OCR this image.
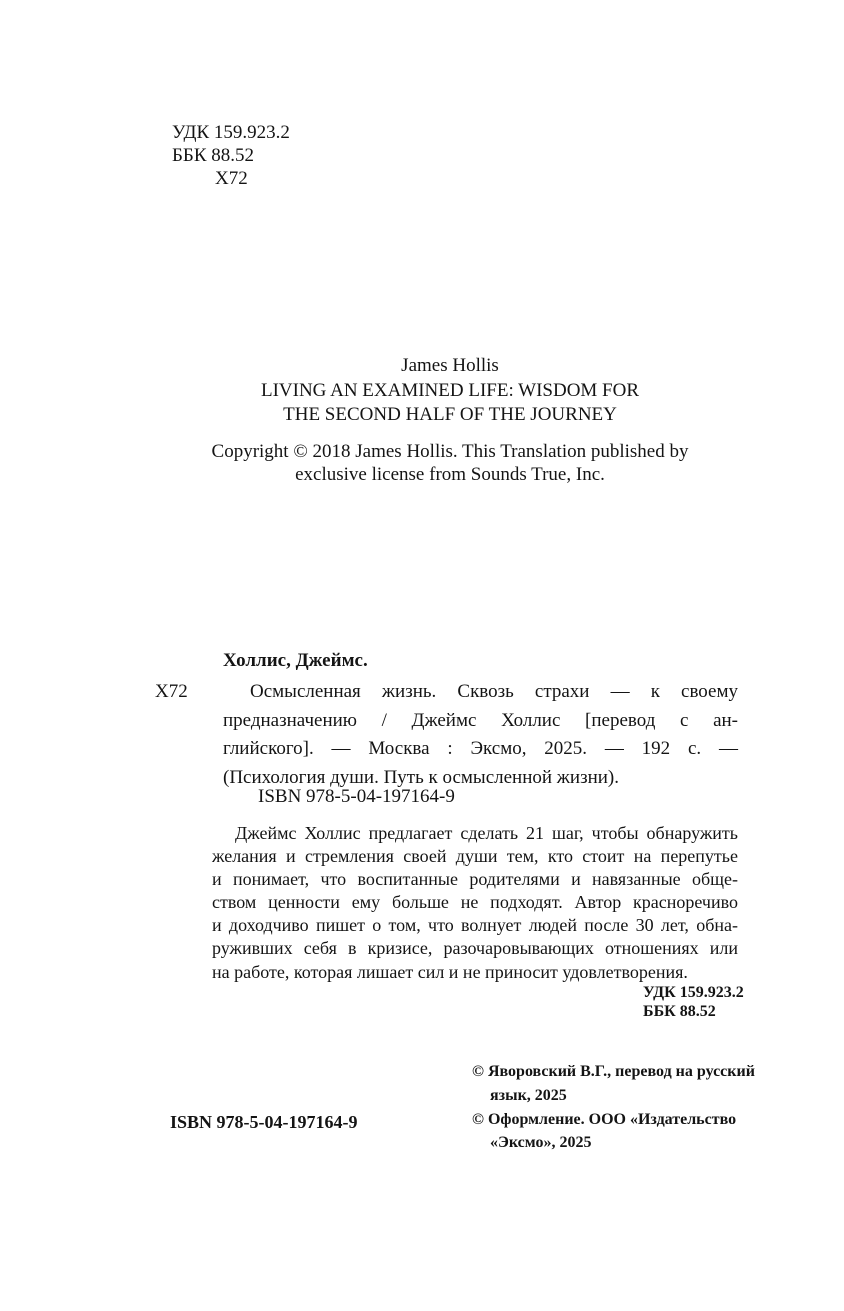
УДК 159.923.2
ББК 88.52
Х72
James Hollis
LIVING AN EXAMINED LIFE: WISDOM FOR
THE SECOND HALF OF THE JOURNEY
Copyright © 2018 James Hollis. This Translation published by
exclusive license from Sounds True, Inc.
Х72
Холлис, Джеймс.
Осмысленная жизнь. Сквозь страхи — к своему
предназначению / Джеймс Холлис [перевод с ан-
глийского]. — Москва : Эксмо, 2025. — 192 с. —
(Психология души. Путь к осмысленной жизни).
ISBN 978-5-04-197164-9
Джеймс Холлис предлагает сделать 21 шаг, чтобы обнаружить
желания и стремления своей души тем, кто стоит на перепутье
и понимает, что воспитанные родителями и навязанные обще-
ством ценности ему больше не подходят. Автор красноречиво
и доходчиво пишет о том, что волнует людей после 30 лет, обна-
руживших себя в кризисе, разочаровывающих отношениях или
на работе, которая лишает сил и не приносит удовлетворения.
УДК 159.923.2
ББК 88.52
© Яворовский В.Г., перевод на русский
язык, 2025
© Оформление. ООО «Издательство
«Эксмо», 2025
ISBN 978-5-04-197164-9
